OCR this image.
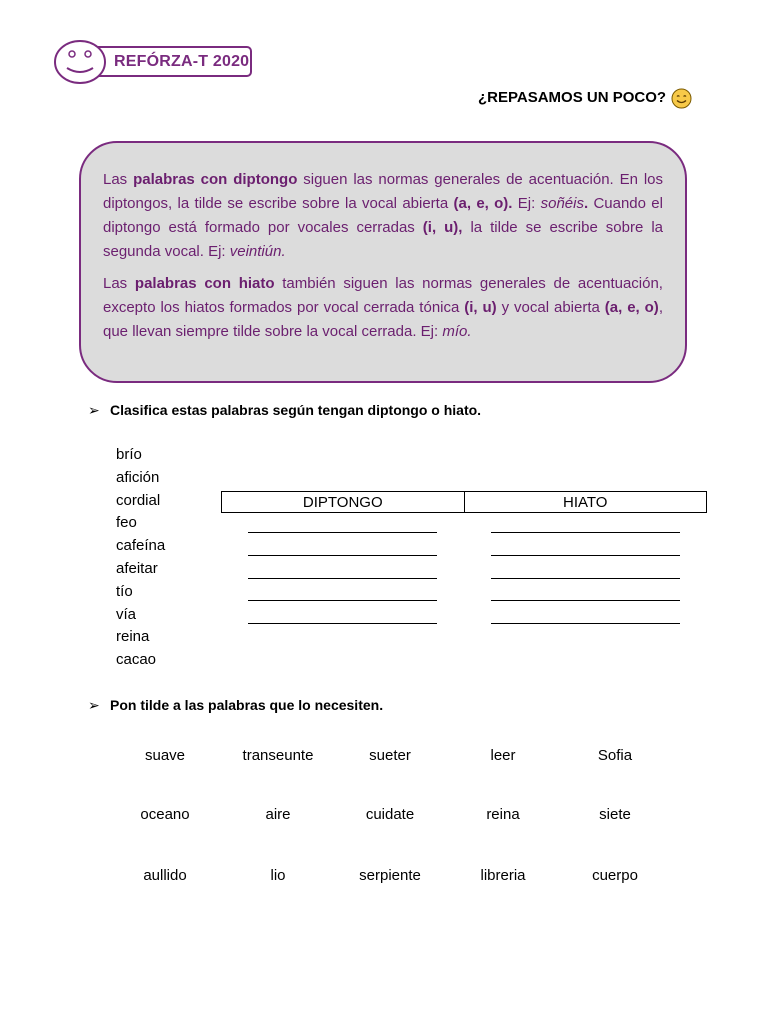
REFÓRZA-T 2020
¿REPASAMOS UN POCO?
Las palabras con diptongo siguen las normas generales de acentuación. En los diptongos, la tilde se escribe sobre la vocal abierta (a, e, o). Ej: soñéis. Cuando el diptongo está formado por vocales cerradas (i, u), la tilde se escribe sobre la segunda vocal. Ej: veintiún.
Las palabras con hiato también siguen las normas generales de acentuación, excepto los hiatos formados por vocal cerrada tónica (i, u) y vocal abierta (a, e, o), que llevan siempre tilde sobre la vocal cerrada. Ej: mío.
➢ Clasifica estas palabras según tengan diptongo o hiato.
brío
afición
cordial
feo
cafeína
afeitar
tío
vía
reina
cacao
DIPTONGO	HIATO
➢ Pon tilde a las palabras que lo necesiten.
suave	transeunte	sueter	leer	Sofia
oceano	aire	cuidate	reina	siete
aullido	lio	serpiente	libreria	cuerpo
